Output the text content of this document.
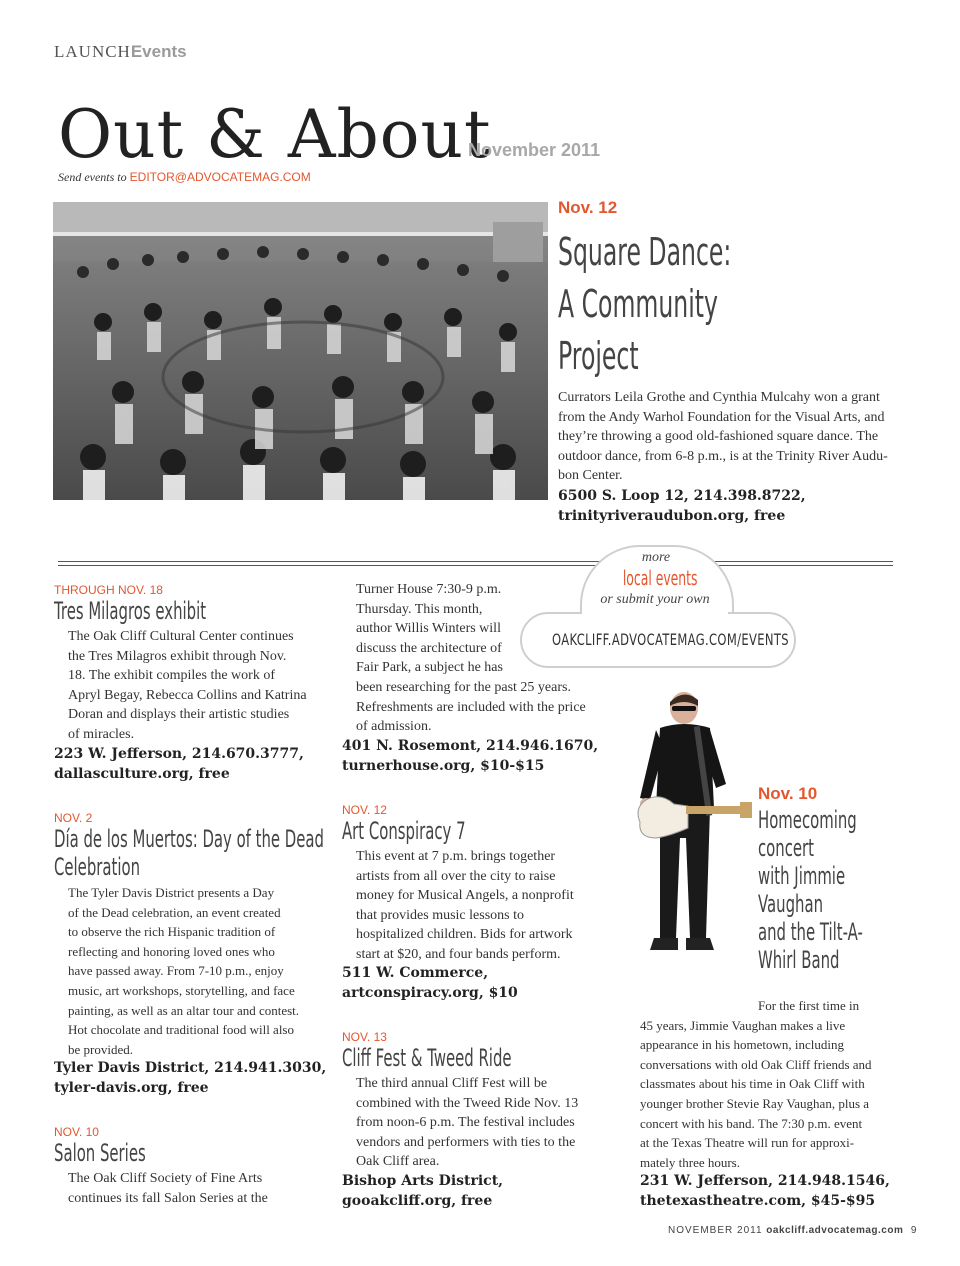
LAUNCHEvents
Out & About
November 2011
Send events to EDITOR@ADVOCATEMAG.COM
Nov. 12
Square Dance:
A Community
Project
Currators Leila Grothe and Cynthia Mulcahy won a grant
from the Andy Warhol Foundation for the Visual Arts, and
they’re throwing a good old-fashioned square dance. The
outdoor dance, from 6-8 p.m., is at the Trinity River Audu-
bon Center.
6500 S. Loop 12, 214.398.8722,
trinityriveraudubon.org, free
more
local events
or submit your own
OAKCLIFF.ADVOCATEMAG.COM/EVENTS
THROUGH NOV. 18
Tres Milagros exhibit
The Oak Cliff Cultural Center continues
the Tres Milagros exhibit through Nov.
18. The exhibit compiles the work of
Apryl Begay, Rebecca Collins and Katrina
Doran and displays their artistic studies
of miracles.
223 W. Jefferson, 214.670.3777,
dallasculture.org, free
NOV. 2
Día de los Muertos: Day of the Dead
Celebration
The Tyler Davis District presents a Day
of the Dead celebration, an event created
to observe the rich Hispanic tradition of
reflecting and honoring loved ones who
have passed away. From 7-10 p.m., enjoy
music, art workshops, storytelling, and face
painting, as well as an altar tour and contest.
Hot chocolate and traditional food will also
be provided.
Tyler Davis District, 214.941.3030,
tyler-davis.org, free
NOV. 10
Salon Series
The Oak Cliff Society of Fine Arts
continues its fall Salon Series at the
Turner House 7:30-9 p.m.
Thursday. This month,
author Willis Winters will
discuss the architecture of
Fair Park, a subject he has
been researching for the past 25 years.
Refreshments are included with the price
of admission.
401 N. Rosemont, 214.946.1670,
turnerhouse.org, $10-$15
NOV. 12
Art Conspiracy 7
This event at 7 p.m. brings together
artists from all over the city to raise
money for Musical Angels, a nonprofit
that provides music lessons to
hospitalized children. Bids for artwork
start at $20, and four bands perform.
511 W. Commerce,
artconspiracy.org, $10
NOV. 13
Cliff Fest & Tweed Ride
The third annual Cliff Fest will be
combined with the Tweed Ride Nov. 13
from noon-6 p.m. The festival includes
vendors and performers with ties to the
Oak Cliff area.
Bishop Arts District,
goоakcliff.org, free
Nov. 10
Homecoming
concert
with Jimmie
Vaughan
and the Tilt-A-
Whirl Band
For the first time in
45 years, Jimmie Vaughan makes a live
appearance in his hometown, including
conversations with old Oak Cliff friends and
classmates about his time in Oak Cliff with
younger brother Stevie Ray Vaughan, plus a
concert with his band. The 7:30 p.m. event
at the Texas Theatre will run for approxi-
mately three hours.
231 W. Jefferson, 214.948.1546,
thetexastheatre.com, $45-$95
NOVEMBER 2011 oakcliff.advocatemag.com 9
